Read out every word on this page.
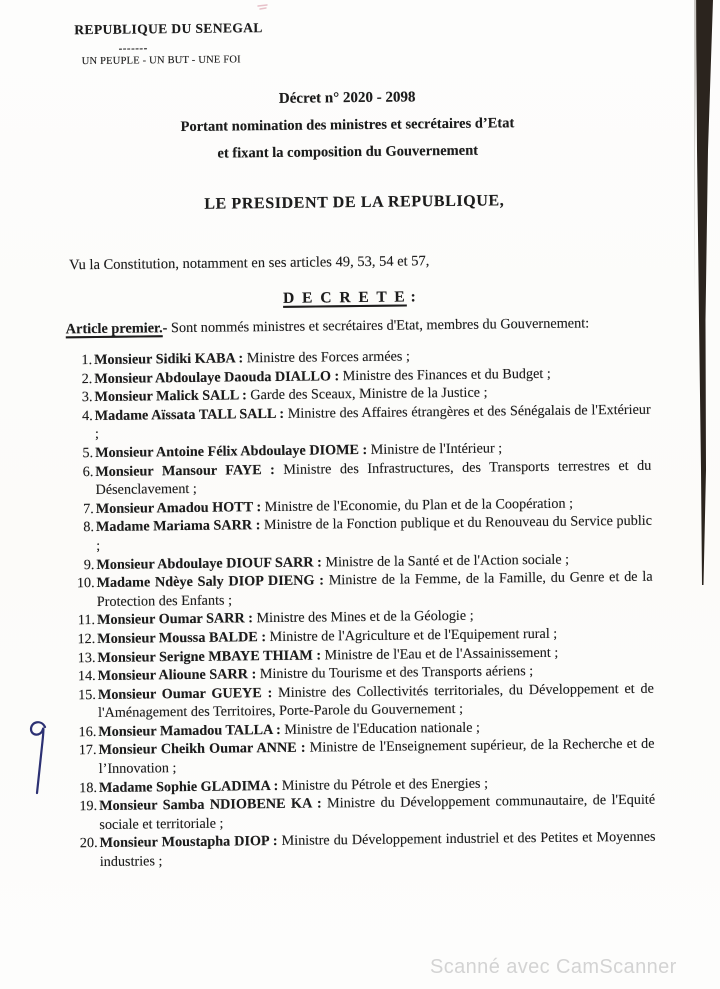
REPUBLIQUE DU SENEGAL
-------
UN PEUPLE - UN BUT - UNE FOI
Décret n° 2020 - 2098
Portant nomination des ministres et secrétaires d’Etat
et fixant la composition du Gouvernement
LE PRESIDENT DE LA REPUBLIQUE,
Vu la Constitution, notamment en ses articles 49, 53, 54 et 57,
D E C R E T E :
Article premier.- Sont nommés ministres et secrétaires d'Etat, membres du Gouvernement:
1. Monsieur Sidiki KABA : Ministre des Forces armées ;
2. Monsieur Abdoulaye Daouda DIALLO : Ministre des Finances et du Budget ;
3. Monsieur Malick SALL : Garde des Sceaux, Ministre de la Justice ;
4. Madame Aïssata TALL SALL : Ministre des Affaires étrangères et des Sénégalais de l'Extérieur ;
5. Monsieur Antoine Félix Abdoulaye DIOME : Ministre de l'Intérieur ;
6. Monsieur Mansour FAYE : Ministre des Infrastructures, des Transports terrestres et du Désenclavement ;
7. Monsieur Amadou HOTT : Ministre de l'Economie, du Plan et de la Coopération ;
8. Madame Mariama SARR : Ministre de la Fonction publique et du Renouveau du Service public ;
9. Monsieur Abdoulaye DIOUF SARR : Ministre de la Santé et de l'Action sociale ;
10. Madame Ndèye Saly DIOP DIENG : Ministre de la Femme, de la Famille, du Genre et de la Protection des Enfants ;
11. Monsieur Oumar SARR : Ministre des Mines et de la Géologie ;
12. Monsieur Moussa BALDE : Ministre de l'Agriculture et de l'Equipement rural ;
13. Monsieur Serigne MBAYE THIAM : Ministre de l'Eau et de l'Assainissement ;
14. Monsieur Alioune SARR : Ministre du Tourisme et des Transports aériens ;
15. Monsieur Oumar GUEYE : Ministre des Collectivités territoriales, du Développement et de l'Aménagement des Territoires, Porte-Parole du Gouvernement ;
16. Monsieur Mamadou TALLA : Ministre de l'Education nationale ;
17. Monsieur Cheikh Oumar ANNE : Ministre de l'Enseignement supérieur, de la Recherche et de l’Innovation ;
18. Madame Sophie GLADIMA : Ministre du Pétrole et des Energies ;
19. Monsieur Samba NDIOBENE KA : Ministre du Développement communautaire, de l'Equité sociale et territoriale ;
20. Monsieur Moustapha DIOP : Ministre du Développement industriel et des Petites et Moyennes industries ;
Scanné avec CamScanner
